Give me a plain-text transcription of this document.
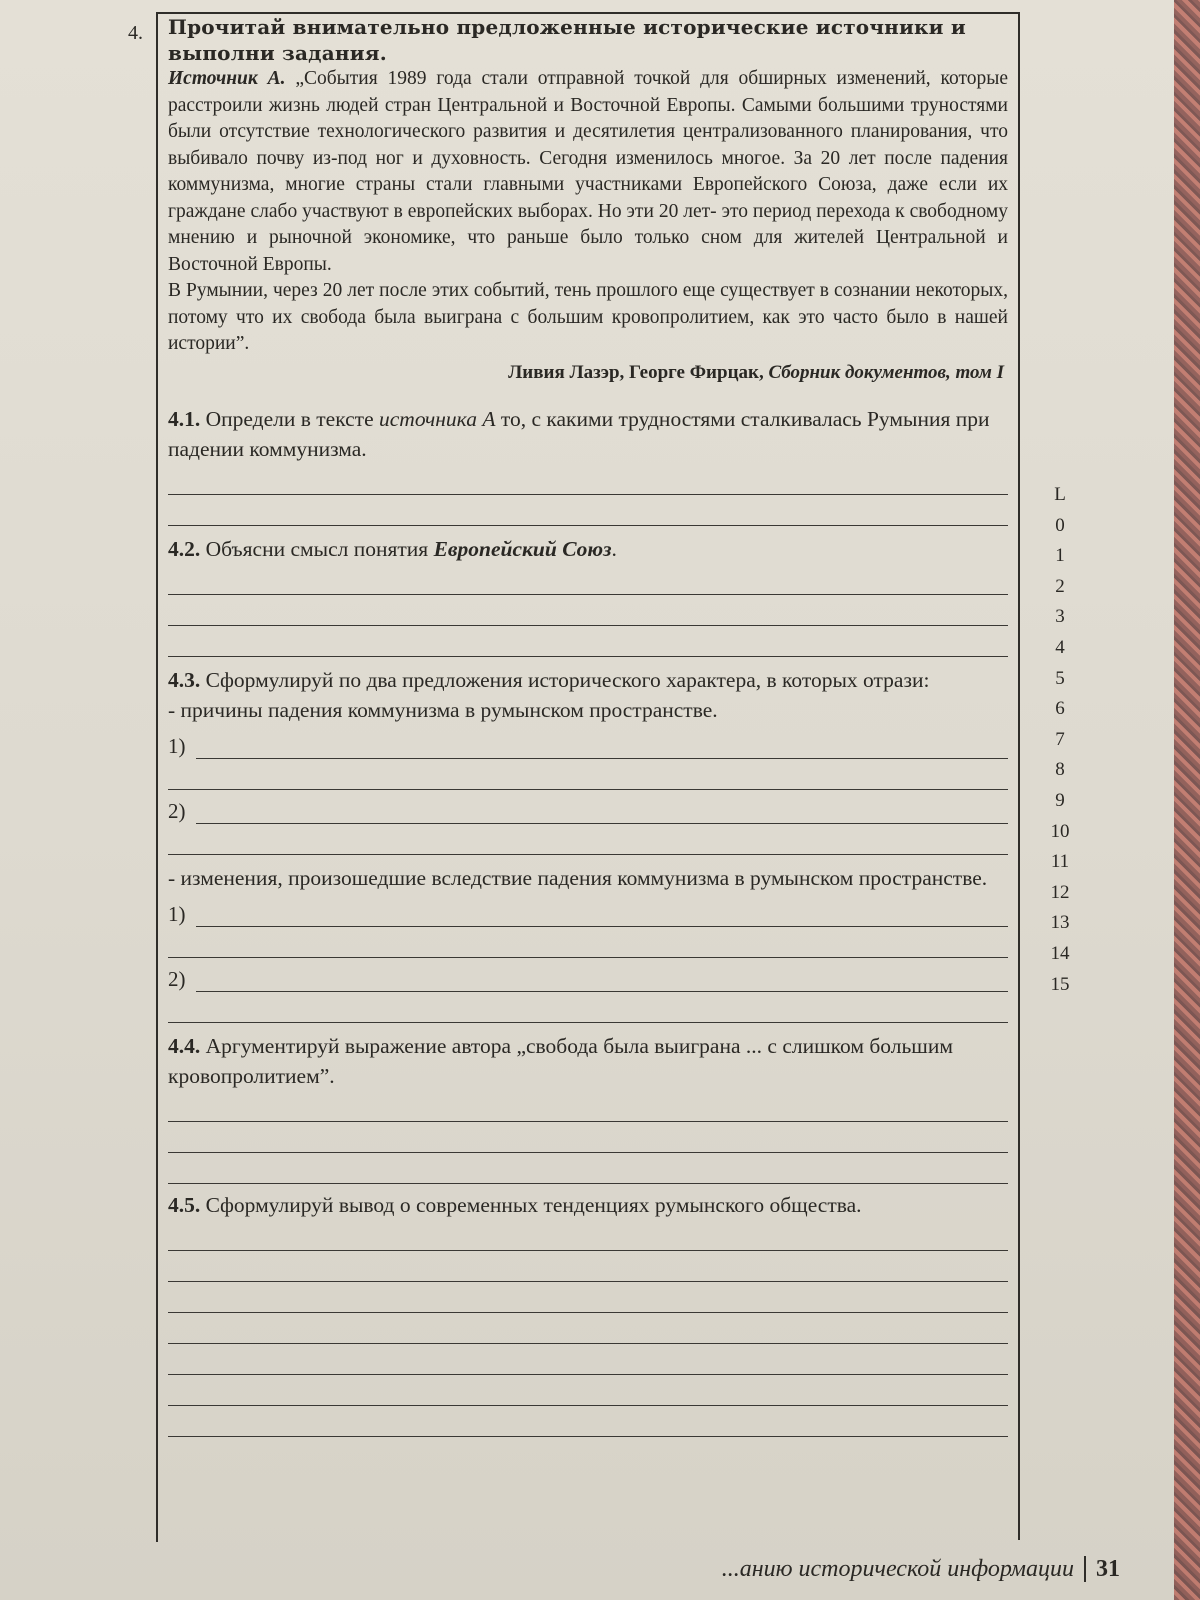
4. Прочитай внимательно предложенные исторические источники и выполни задания.
Источник А. „События 1989 года стали отправной точкой для обширных изменений, которые расстроили жизнь людей стран Центральной и Восточной Европы. Самыми большими труностями были отсутствие технологического развития и десятилетия централизованного планирования, что выбивало почву из-под ног и духовность. Сегодня изменилось многое. За 20 лет после падения коммунизма, многие страны стали главными участниками Европейского Союза, даже если их граждане слабо участвуют в европейских выборах. Но эти 20 лет- это период перехода к свободному мнению и рыночной экономике, что раньше было только сном для жителей Центральной и Восточной Европы.
В Румынии, через 20 лет после этих событий, тень прошлого еще существует в сознании некоторых, потому что их свобода была выиграна с большим кровопролитием, как это часто было в нашей истории”.
Ливия Лазэр, Георге Фирцак, Сборник документов, том I
4.1. Определи в тексте источника А то, с какими трудностями сталкивалась Румыния при падении коммунизма.
4.2. Объясни смысл понятия Европейский Союз.
4.3. Сформулируй по два предложения исторического характера, в которых отрази:
- причины падения коммунизма в румынском пространстве.
1)
2)
- изменения, произошедшие вследствие падения коммунизма в румынском пространстве.
1)
2)
4.4. Аргументируй выражение автора „свобода была выиграна ... с слишком большим кровопролитием”.
4.5. Сформулируй вывод о современных тенденциях румынского общества.
L
0
1
2
3
4
5
6
7
8
9
10
11
12
13
14
15
...анию исторической информации 31
